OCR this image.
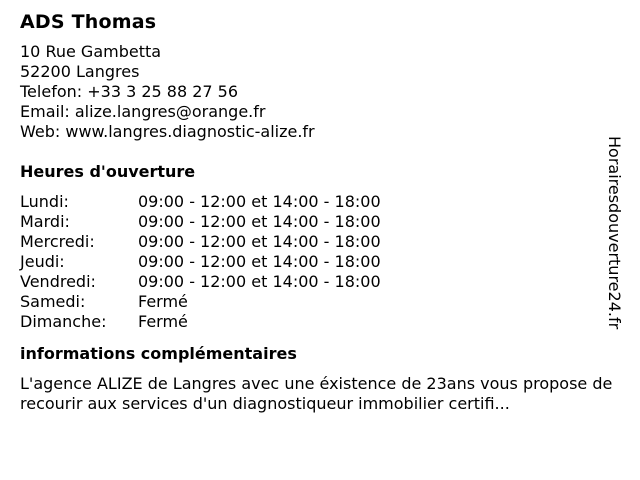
ADS Thomas
10 Rue Gambetta
52200 Langres
Telefon: +33 3 25 88 27 56
Email: alize.langres@orange.fr
Web: www.langres.diagnostic-alize.fr
Heures d'ouverture
Lundi:	09:00 - 12:00 et 14:00 - 18:00
Mardi:	09:00 - 12:00 et 14:00 - 18:00
Mercredi:	09:00 - 12:00 et 14:00 - 18:00
Jeudi:	09:00 - 12:00 et 14:00 - 18:00
Vendredi:	09:00 - 12:00 et 14:00 - 18:00
Samedi:	Fermé
Dimanche:	Fermé
informations complémentaires
L'agence ALIZE de Langres avec une éxistence de 23ans vous propose de recourir aux services d'un diagnostiqueur immobilier certifi...
Horairesdouverture24.fr
